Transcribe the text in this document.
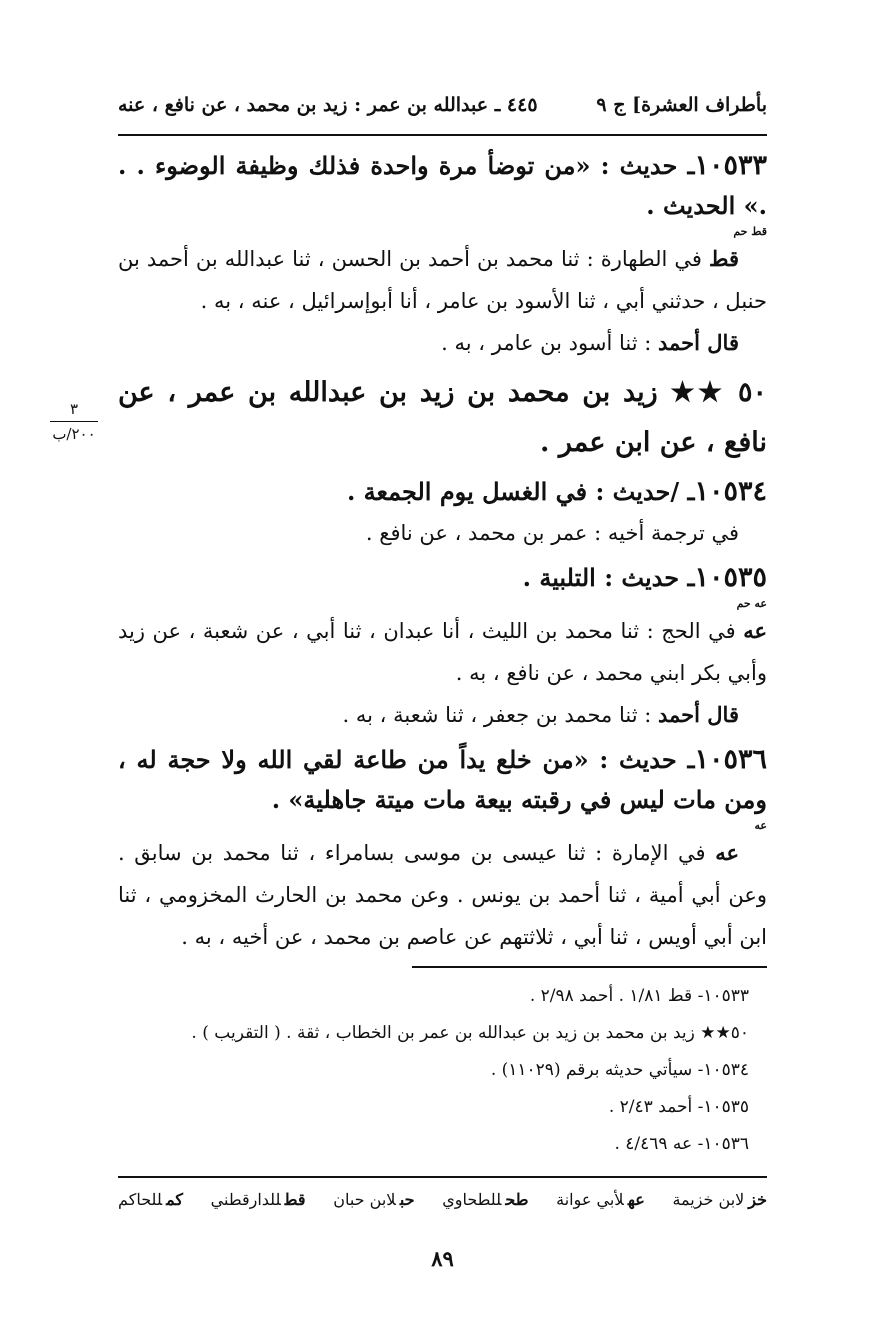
بأطراف العشرة] ج ٩
٤٤٥ ـ عبدالله بن عمر : زيد بن محمد ، عن نافع ، عنه
٣
٢٠٠/ب

١٠٥٣٣ـ حديث : «من توضأ مرة واحدة فذلك وظيفة الوضوء . . .» الحديث .

قط حم

قط في الطهارة : ثنا محمد بن أحمد بن الحسن ، ثنا عبدالله بن أحمد بن حنبل ، حدثني أبي ، ثنا الأسود بن عامر ، أنا أبوإسرائيل ، عنه ، به .

قال أحمد : ثنا أسود بن عامر ، به .

٥٠ ★★ زيد بن محمد بن زيد بن عبدالله بن عمر ، عن نافع ، عن ابن عمر .

١٠٥٣٤ـ /حديث : في الغسل يوم الجمعة .

في ترجمة أخيه : عمر بن محمد ، عن نافع .

١٠٥٣٥ـ حديث : التلبية .

عه حم

عه في الحج : ثنا محمد بن الليث ، أنا عبدان ، ثنا أبي ، عن شعبة ، عن زيد وأبي بكر ابني محمد ، عن نافع ، به .

قال أحمد : ثنا محمد بن جعفر ، ثنا شعبة ، به .

١٠٥٣٦ـ حديث : «من خلع يداً من طاعة لقي الله ولا حجة له ، ومن مات ليس في رقبته بيعة مات ميتة جاهلية» .

عه

عه في الإمارة : ثنا عيسى بن موسى بسامراء ، ثنا محمد بن سابق . وعن أبي أمية ، ثنا أحمد بن يونس . وعن محمد بن الحارث المخزومي ، ثنا ابن أبي أويس ، ثنا أبي ، ثلاثتهم عن عاصم بن محمد ، عن أخيه ، به .

١٠٥٣٣- قط ١/٨١ . أحمد ٢/٩٨ .
٥٠★★ زيد بن محمد بن زيد بن عبدالله بن عمر بن الخطاب ، ثقة . ( التقريب ) .
١٠٥٣٤- سيأتي حديثه برقم (١١٠٢٩) .
١٠٥٣٥- أحمد ٢/٤٣ .
١٠٥٣٦- عه ٤/٤٦٩ .
خزلابن خزيمة
عهلأبي عوانة
طحللطحاوي
حبلابن حبان
قطللدارقطني
كمللحاكم
٨٩
